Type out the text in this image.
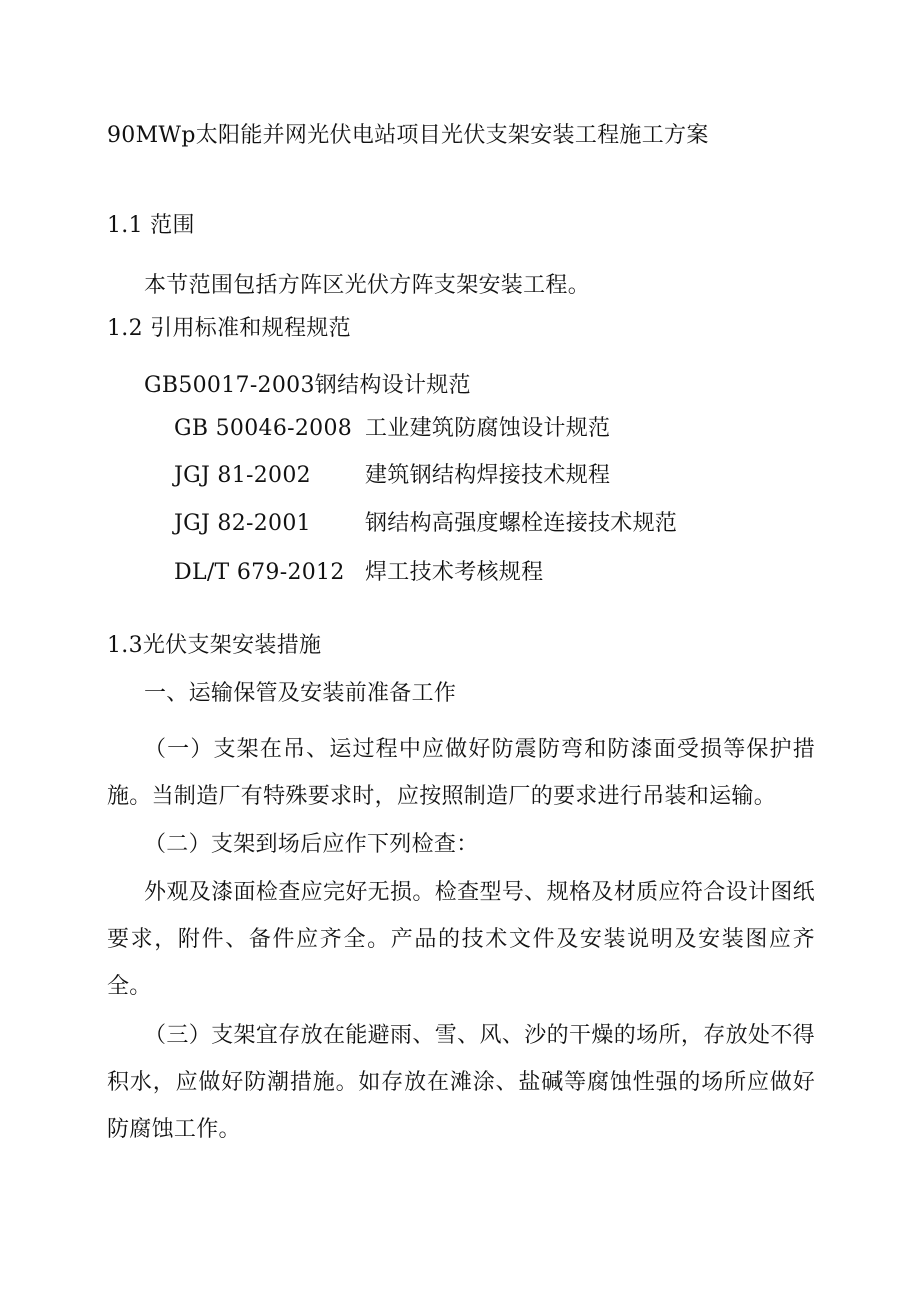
90MWp太阳能并网光伏电站项目光伏支架安装工程施工方案
1.1 范围
本节范围包括方阵区光伏方阵支架安装工程。
1.2 引用标准和规程规范
GB50017-2003钢结构设计规范
GB 50046-2008 工业建筑防腐蚀设计规范
JGJ 81-2002 建筑钢结构焊接技术规程
JGJ 82-2001 钢结构高强度螺栓连接技术规范
DL/T 679-2012 焊工技术考核规程
1.3光伏支架安装措施
一、运输保管及安装前准备工作
（一）支架在吊、运过程中应做好防震防弯和防漆面受损等保护措施。当制造厂有特殊要求时，应按照制造厂的要求进行吊装和运输。
（二）支架到场后应作下列检查：
外观及漆面检查应完好无损。检查型号、规格及材质应符合设计图纸要求，附件、备件应齐全。产品的技术文件及安装说明及安装图应齐全。
（三）支架宜存放在能避雨、雪、风、沙的干燥的场所，存放处不得积水，应做好防潮措施。如存放在滩涂、盐碱等腐蚀性强的场所应做好防腐蚀工作。
